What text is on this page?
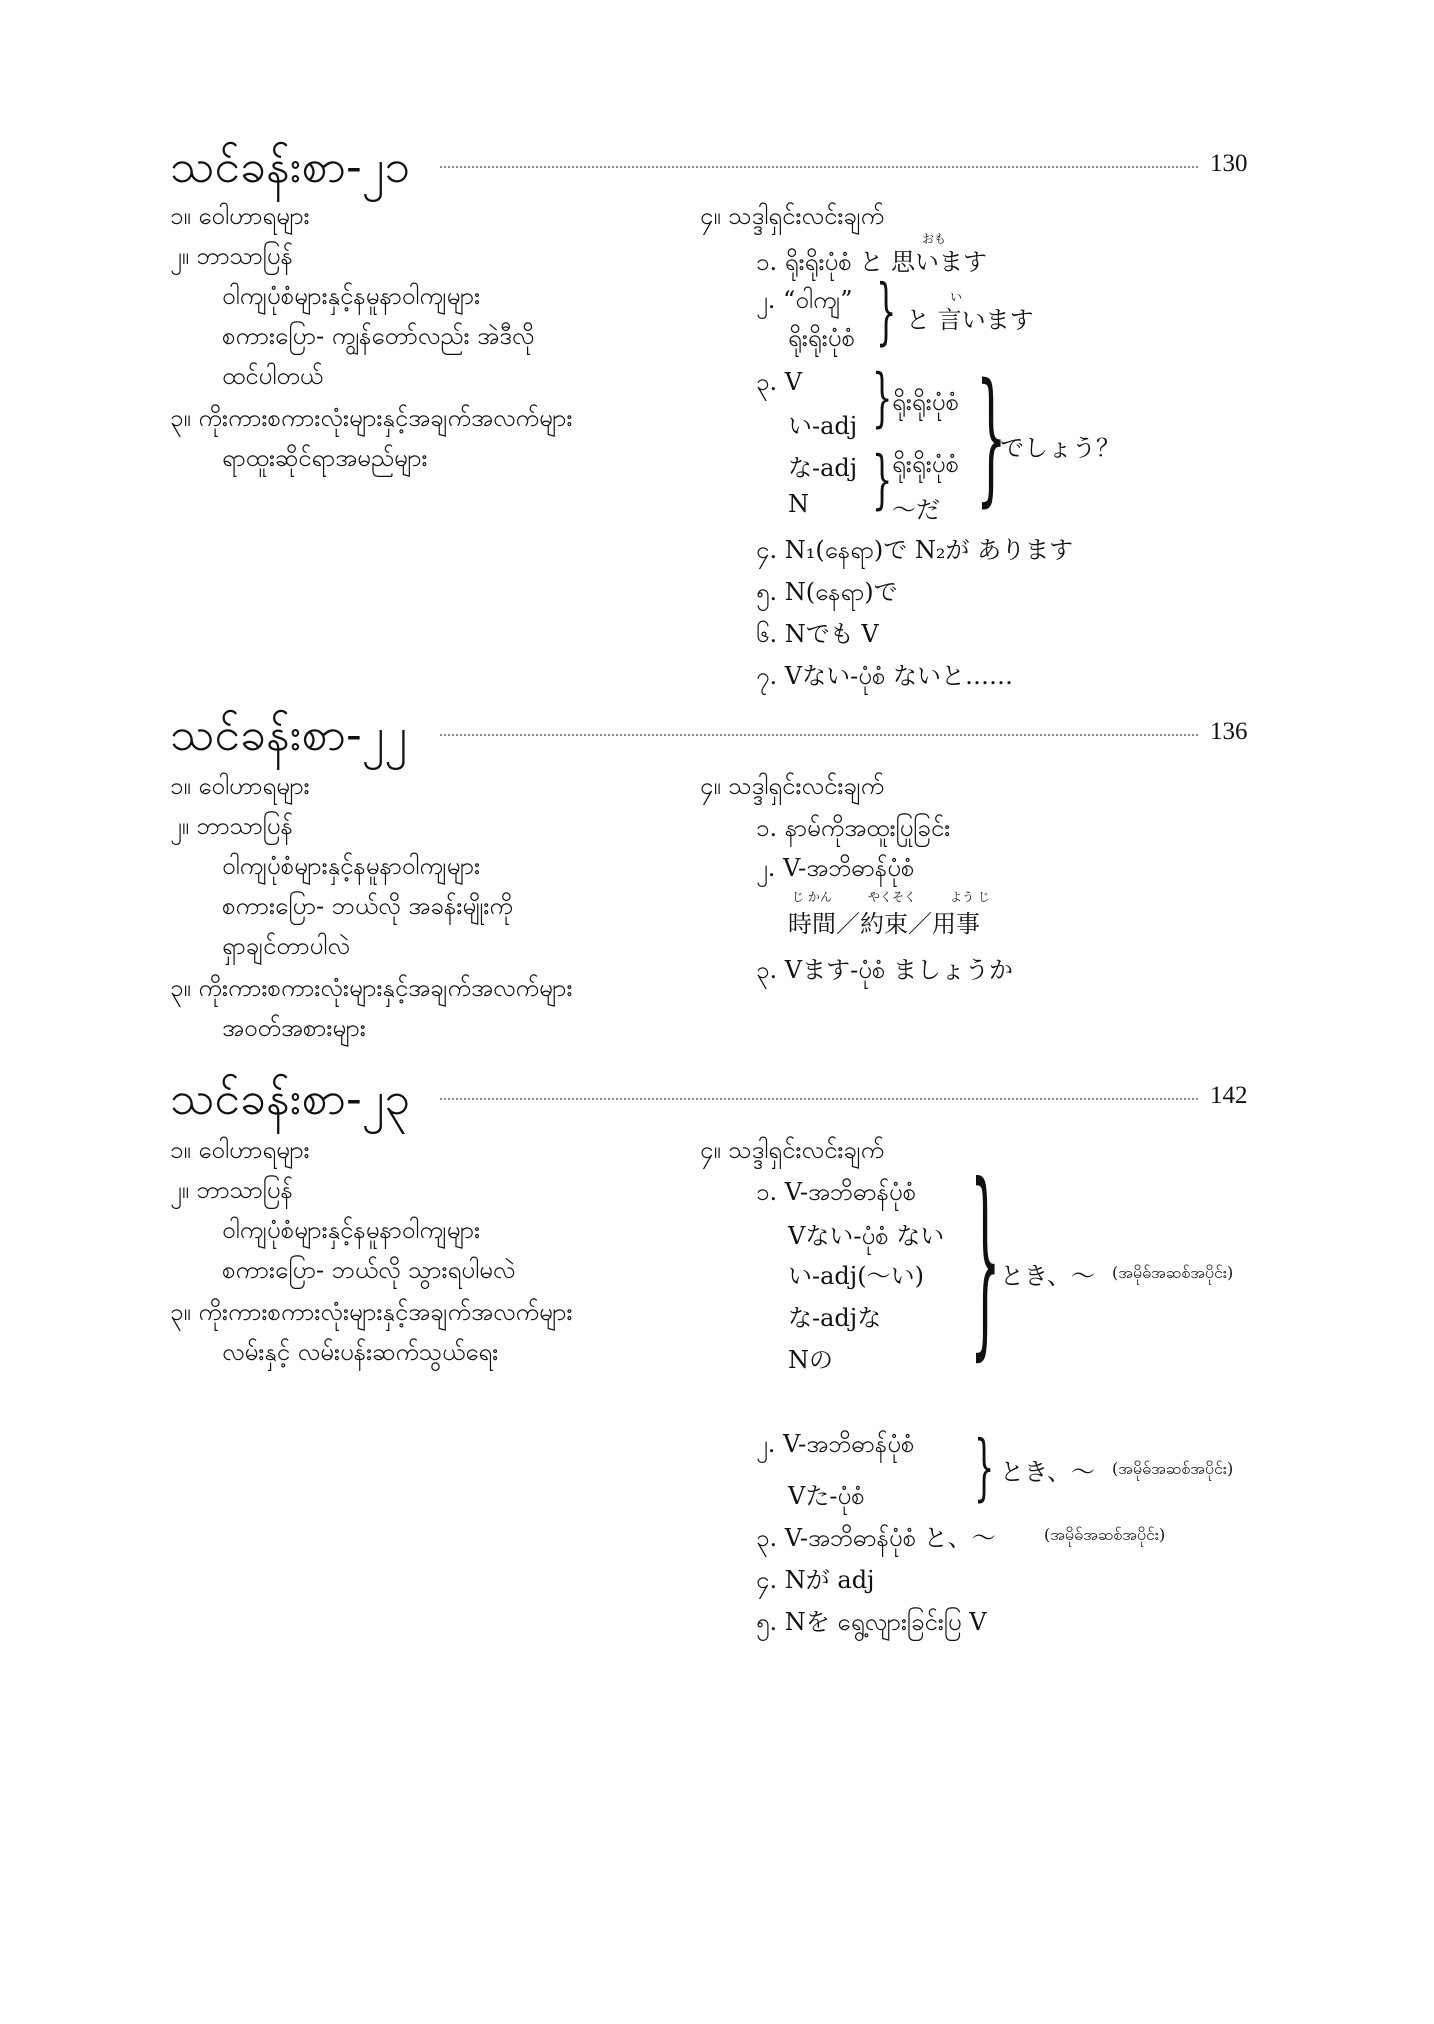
သင်ခန်းစာ-၂၁	130
၁။ ဝေါဟာရများ
၂။ ဘာသာပြန်
ဝါကျပုံစံများနှင့်နမူနာဝါကျများ
စကားပြော- ကျွန်တော်လည်း အဲဒီလို
ထင်ပါတယ်
၃။ ကိုးကားစကားလုံးများနှင့်အချက်အလက်များ
ရာထူးဆိုင်ရာအမည်များ
၄။ သဒ္ဒါရှင်းလင်းချက်
おも
၁. ရိုးရိုးပုံစံ と 思います
၂. “ဝါကျ”
ရိုးရိုးပုံစံ }	い
と 言います
၃. V
い-adj
な-adj
N
}
}
ရိုးရိုးပုံစံ
ရိုးရိုးပုံစံ
～だ }
でしょう？
၄. N₁(နေရာ)で N₂が あります
၅. N(နေရာ)で
၆. Nでも V
၇. Vない-ပုံစံ ないと……
သင်ခန်းစာ-၂၂	136
၁။ ဝေါဟာရများ
၂။ ဘာသာပြန်
ဝါကျပုံစံများနှင့်နမူနာဝါကျများ
စကားပြော- ဘယ်လို အခန်းမျိုးကို
ရှာချင်တာပါလဲ
၃။ ကိုးကားစကားလုံးများနှင့်အချက်အလက်များ
အဝတ်အစားများ
၄။ သဒ္ဒါရှင်းလင်းချက်
၁. နာမ်ကိုအထူးပြုခြင်း
၂. V-အဘိဓာန်ပုံစံ
じ かん	やくそく	よう じ
時間／約束／用事
၃. Vます-ပုံစံ ましょうか
သင်ခန်းစာ-၂၃	142
၁။ ဝေါဟာရများ
၂။ ဘာသာပြန်
ဝါကျပုံစံများနှင့်နမူနာဝါကျများ
စကားပြော- ဘယ်လို သွားရပါမလဲ
၃။ ကိုးကားစကားလုံးများနှင့်အချက်အလက်များ
လမ်းနှင့် လမ်းပန်းဆက်သွယ်ရေး
၄။ သဒ္ဒါရှင်းလင်းချက်
၁. V-အဘိဓာန်ပုံစံ
Vない-ပုံစံ ない
い-adj(～い)
な-adjな
Nの } とき、～ (အမိုဓ်အဆစ်အပိုင်း)
၂. V-အဘိဓာန်ပုံစံ
Vた-ပုံစံ	} とき、～ (အမိုဓ်အဆစ်အပိုင်း)
၃. V-အဘိဓာန်ပုံစံ と、～	(အမိုဓ်အဆစ်အပိုင်း)
၄. Nが adj
၅. Nを ရွေ့လျားခြင်းပြ V
